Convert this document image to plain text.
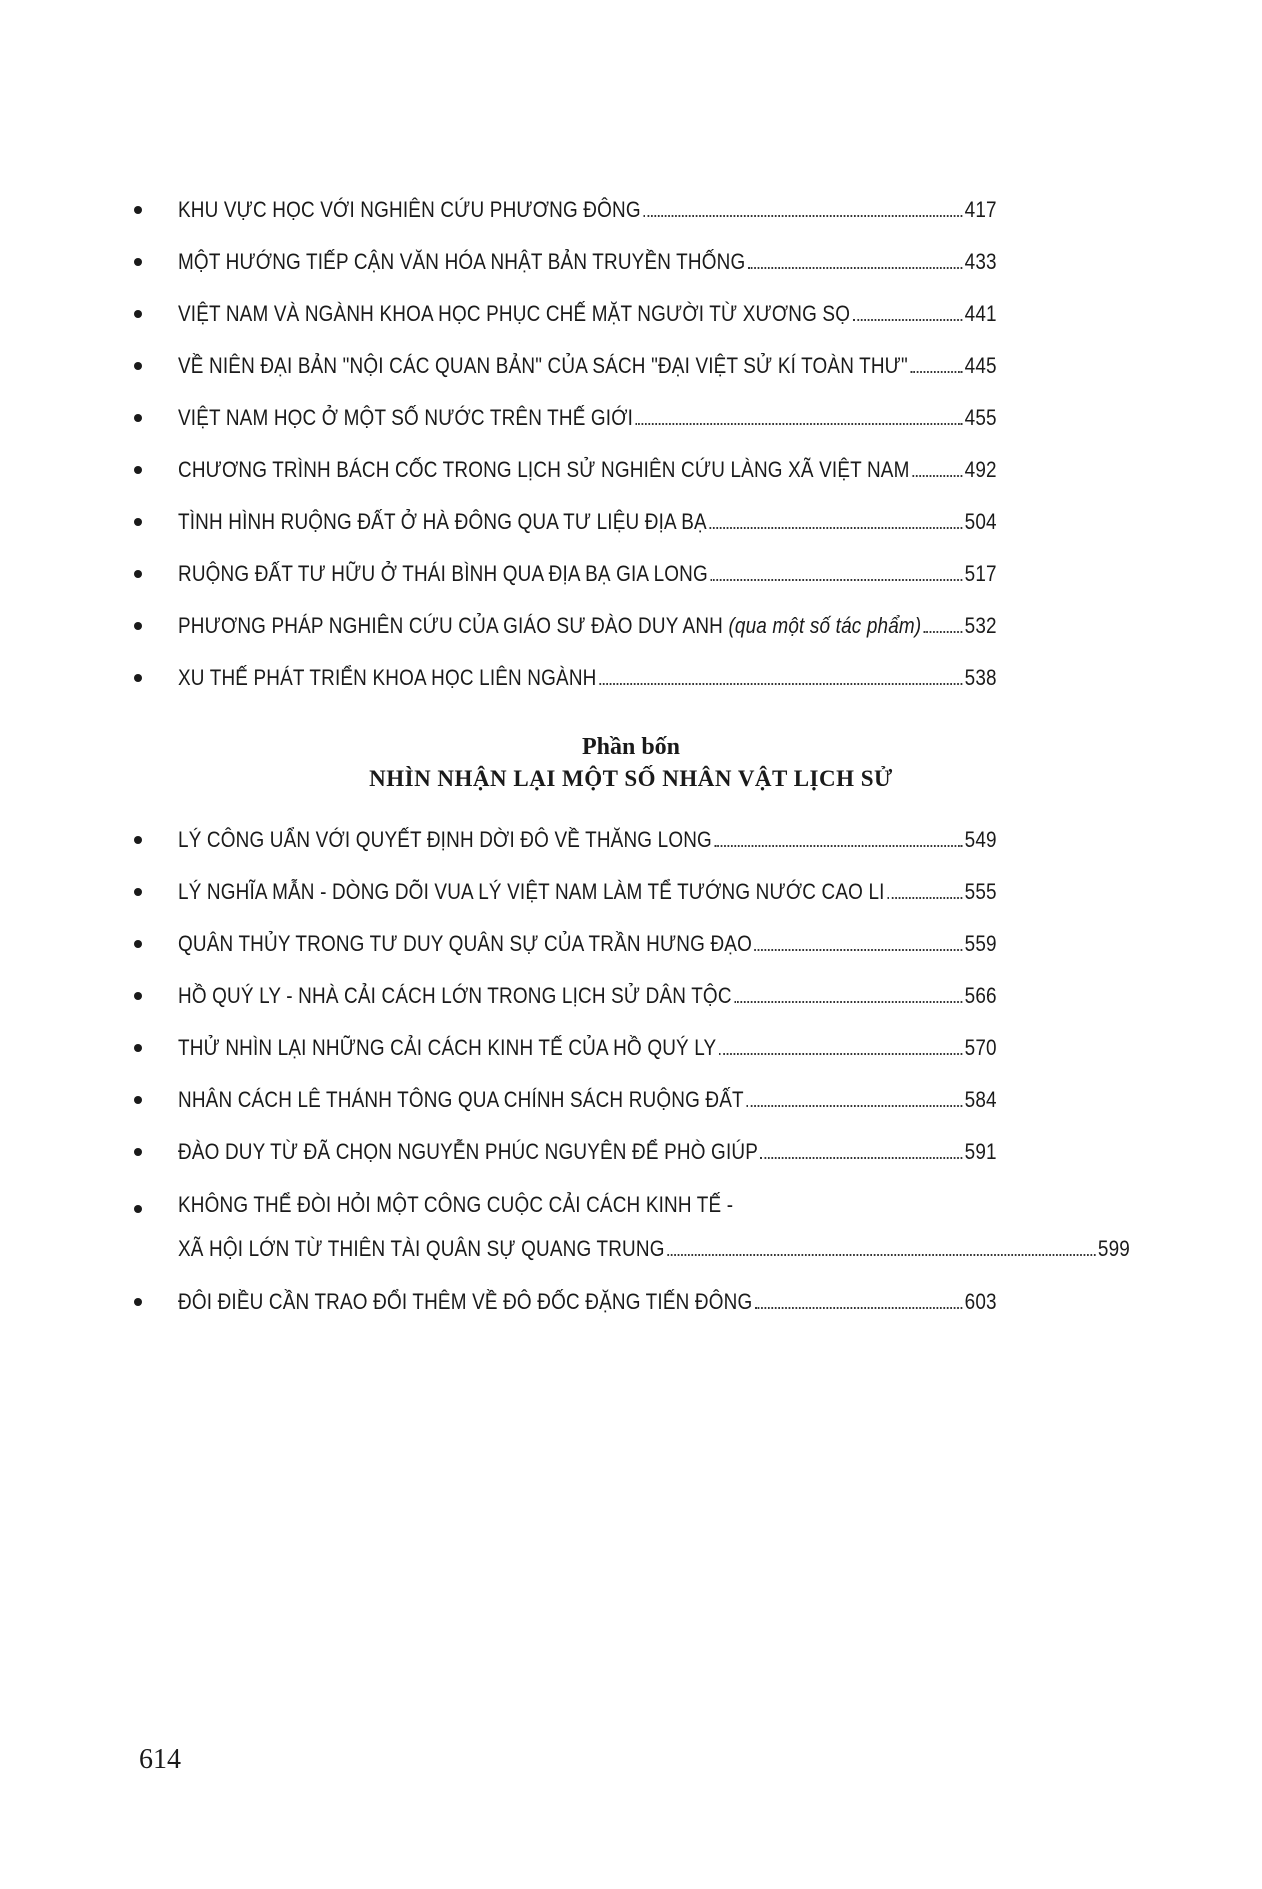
KHU VỰC HỌC VỚI NGHIÊN CỨU PHƯƠNG ĐÔNG	417
MỘT HƯỚNG TIẾP CẬN VĂN HÓA NHẬT BẢN TRUYỀN THỐNG	433
VIỆT NAM VÀ NGÀNH KHOA HỌC PHỤC CHẾ MẶT NGƯỜI TỪ XƯƠNG SỌ	441
VỀ NIÊN ĐẠI BẢN "NỘI CÁC QUAN BẢN" CỦA SÁCH "ĐẠI VIỆT SỬ KÍ TOÀN THƯ"	445
VIỆT NAM HỌC Ở MỘT SỐ NƯỚC TRÊN THẾ GIỚI	455
CHƯƠNG TRÌNH BÁCH CỐC TRONG LỊCH SỬ NGHIÊN CỨU LÀNG XÃ VIỆT NAM	492
TÌNH HÌNH RUỘNG ĐẤT Ở HÀ ĐÔNG QUA TƯ LIỆU ĐỊA BẠ	504
RUỘNG ĐẤT TƯ HỮU Ở THÁI BÌNH QUA ĐỊA BẠ GIA LONG	517
PHƯƠNG PHÁP NGHIÊN CỨU CỦA GIÁO SƯ ĐÀO DUY ANH (qua một số tác phẩm) 532
XU THẾ PHÁT TRIỂN KHOA HỌC LIÊN NGÀNH	538
Phần bốn
NHÌN NHẬN LẠI MỘT SỐ NHÂN VẬT LỊCH SỬ
LÝ CÔNG UẨN VỚI QUYẾT ĐỊNH DỜI ĐÔ VỀ THĂNG LONG	549
LÝ NGHĨA MẪN - DÒNG DÕI VUA LÝ VIỆT NAM LÀM TỂ TƯỚNG NƯỚC CAO LI	555
QUÂN THỦY TRONG TƯ DUY QUÂN SỰ CỦA TRẦN HƯNG ĐẠO	559
HỒ QUÝ LY - NHÀ CẢI CÁCH LỚN TRONG LỊCH SỬ DÂN TỘC	566
THỬ NHÌN LẠI NHỮNG CẢI CÁCH KINH TẾ CỦA HỒ QUÝ LY	570
NHÂN CÁCH LÊ THÁNH TÔNG QUA CHÍNH SÁCH RUỘNG ĐẤT	584
ĐÀO DUY TỪ ĐÃ CHỌN NGUYỄN PHÚC NGUYÊN ĐỂ PHÒ GIÚP	591
KHÔNG THỂ ĐÒI HỎI MỘT CÔNG CUỘC CẢI CÁCH KINH TẾ -
XÃ HỘI LỚN TỪ THIÊN TÀI QUÂN SỰ QUANG TRUNG	599
ĐÔI ĐIỀU CẦN TRAO ĐỔI THÊM VỀ ĐÔ ĐỐC ĐẶNG TIẾN ĐÔNG	603
614
